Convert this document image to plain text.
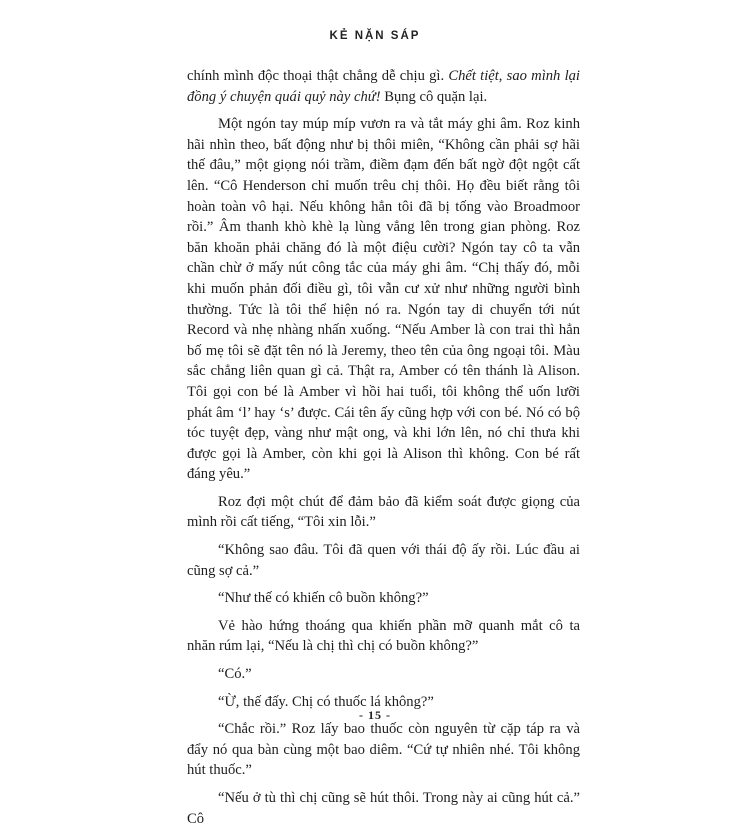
KẺ NẶN SÁP

chính mình độc thoại thật chẳng dễ chịu gì. Chết tiệt, sao mình lại đồng ý chuyện quái quỷ này chứ! Bụng cô quặn lại.

Một ngón tay múp míp vươn ra và tắt máy ghi âm. Roz kinh hãi nhìn theo, bất động như bị thôi miên, “Không cần phải sợ hãi thế đâu,” một giọng nói trầm, điềm đạm đến bất ngờ đột ngột cất lên. “Cô Henderson chỉ muốn trêu chị thôi. Họ đều biết rằng tôi hoàn toàn vô hại. Nếu không hẳn tôi đã bị tống vào Broadmoor rồi.” Âm thanh khò khè lạ lùng vẳng lên trong gian phòng. Roz băn khoăn phải chăng đó là một điệu cười? Ngón tay cô ta vẫn chần chừ ở mấy nút công tắc của máy ghi âm. “Chị thấy đó, mỗi khi muốn phản đối điều gì, tôi vẫn cư xử như những người bình thường. Tức là tôi thể hiện nó ra. Ngón tay di chuyển tới nút Record và nhẹ nhàng nhấn xuống. “Nếu Amber là con trai thì hẳn bố mẹ tôi sẽ đặt tên nó là Jeremy, theo tên của ông ngoại tôi. Màu sắc chẳng liên quan gì cả. Thật ra, Amber có tên thánh là Alison. Tôi gọi con bé là Amber vì hồi hai tuổi, tôi không thể uốn lưỡi phát âm ‘l’ hay ‘s’ được. Cái tên ấy cũng hợp với con bé. Nó có bộ tóc tuyệt đẹp, vàng như mật ong, và khi lớn lên, nó chỉ thưa khi được gọi là Amber, còn khi gọi là Alison thì không. Con bé rất đáng yêu.”

Roz đợi một chút để đảm bảo đã kiểm soát được giọng của mình rồi cất tiếng, “Tôi xin lỗi.”

“Không sao đâu. Tôi đã quen với thái độ ấy rồi. Lúc đầu ai cũng sợ cả.”

“Như thế có khiến cô buồn không?”

Vẻ hào hứng thoáng qua khiến phần mỡ quanh mắt cô ta nhăn rúm lại, “Nếu là chị thì chị có buồn không?”

“Có.”

“Ừ, thế đấy. Chị có thuốc lá không?”

“Chắc rồi.” Roz lấy bao thuốc còn nguyên từ cặp táp ra và đẩy nó qua bàn cùng một bao diêm. “Cứ tự nhiên nhé. Tôi không hút thuốc.”

“Nếu ở tù thì chị cũng sẽ hút thôi. Trong này ai cũng hút cả.” Cô

- 15 -
